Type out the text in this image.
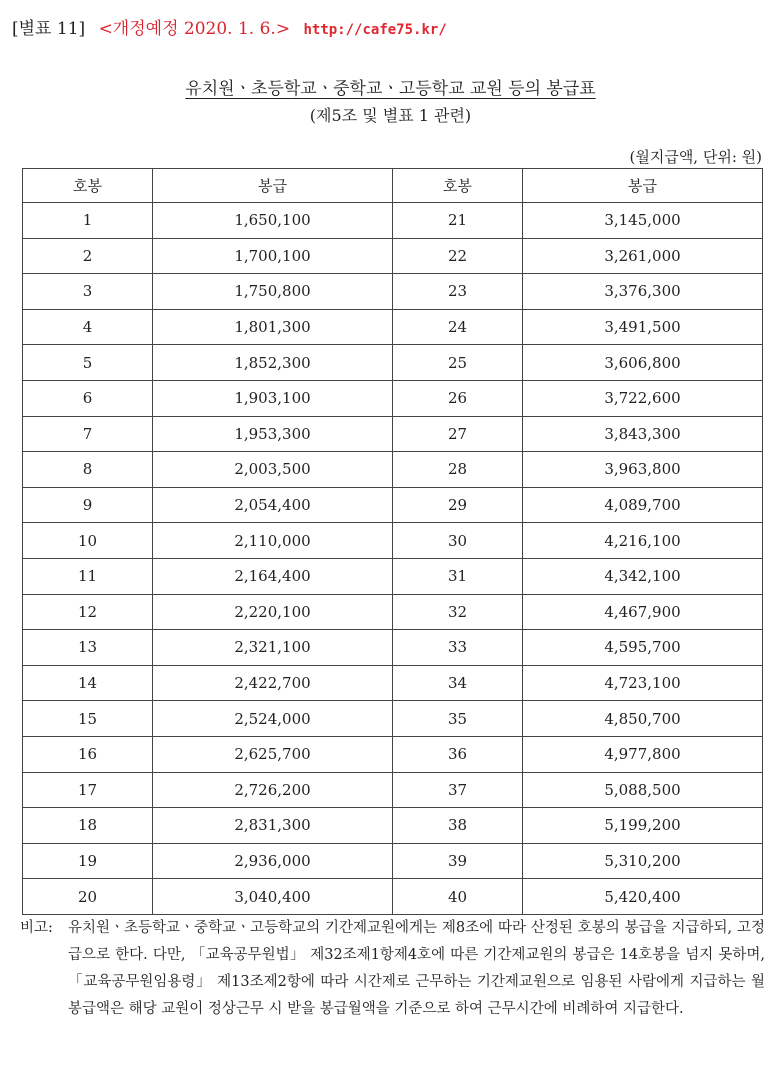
[별표 11] <개정예정 2020. 1. 6.> http://cafe75.kr/
유치원ㆍ초등학교ㆍ중학교ㆍ고등학교 교원 등의 봉급표
(제5조 및 별표 1 관련)
(월지급액, 단위: 원)
호봉	봉급	호봉	봉급
1	1,650,100	21	3,145,000
2	1,700,100	22	3,261,000
3	1,750,800	23	3,376,300
4	1,801,300	24	3,491,500
5	1,852,300	25	3,606,800
6	1,903,100	26	3,722,600
7	1,953,300	27	3,843,300
8	2,003,500	28	3,963,800
9	2,054,400	29	4,089,700
10	2,110,000	30	4,216,100
11	2,164,400	31	4,342,100
12	2,220,100	32	4,467,900
13	2,321,100	33	4,595,700
14	2,422,700	34	4,723,100
15	2,524,000	35	4,850,700
16	2,625,700	36	4,977,800
17	2,726,200	37	5,088,500
18	2,831,300	38	5,199,200
19	2,936,000	39	5,310,200
20	3,040,400	40	5,420,400
비고: 유치원ㆍ초등학교ㆍ중학교ㆍ고등학교의 기간제교원에게는 제8조에 따라 산정된 호봉의 봉급을 지급하되, 고정급으로 한다. 다만, 「교육공무원법」 제32조제1항제4호에 따른 기간제교원의 봉급은 14호봉을 넘지 못하며, 「교육공무원임용령」 제13조제2항에 따라 시간제로 근무하는 기간제교원으로 임용된 사람에게 지급하는 월봉급액은 해당 교원이 정상근무 시 받을 봉급월액을 기준으로 하여 근무시간에 비례하여 지급한다.
